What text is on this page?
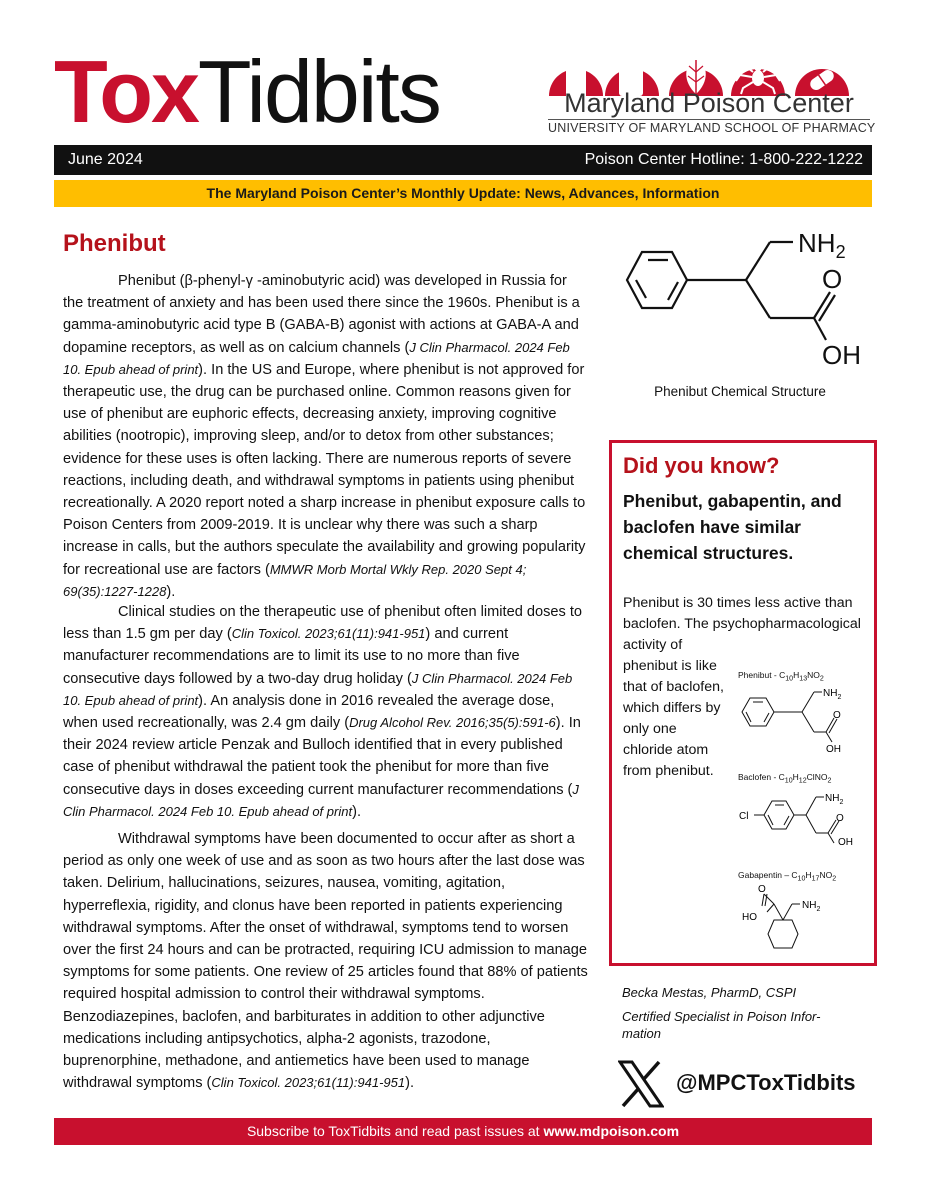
ToxTidbits	Maryland Poison Center
UNIVERSITY OF MARYLAND SCHOOL OF PHARMACY
June 2024	Poison Center Hotline: 1-800-222-1222
The Maryland Poison Center’s Monthly Update: News, Advances, Information
Phenibut

Phenibut (β-phenyl-γ -aminobutyric acid) was developed in Russia for the treatment of anxiety and has been used there since the 1960s. Phenibut is a gamma-aminobutyric acid type B (GABA-B) agonist with actions at GABA-A and dopamine receptors, as well as on calcium channels (J Clin Pharmacol. 2024 Feb 10. Epub ahead of print). In the US and Europe, where phenibut is not approved for therapeutic use, the drug can be purchased online. Common reasons given for use of phenibut are euphoric effects, decreasing anxiety, improving cognitive abilities (nootropic), improving sleep, and/or to detox from other substances; evidence for these uses is often lacking. There are numerous reports of severe reactions, including death, and withdrawal symptoms in patients using phenibut recreationally. A 2020 report noted a sharp increase in phenibut exposure calls to Poison Centers from 2009-2019. It is unclear why there was such a sharp increase in calls, but the authors speculate the availability and growing popularity for recreational use are factors (MMWR Morb Mortal Wkly Rep. 2020 Sept 4; 69(35):1227-1228).

Clinical studies on the therapeutic use of phenibut often limited doses to less than 1.5 gm per day (Clin Toxicol. 2023;61(11):941-951) and current manufacturer recommendations are to limit its use to no more than five consecutive days followed by a two-day drug holiday (J Clin Pharmacol. 2024 Feb 10. Epub ahead of print). An analysis done in 2016 revealed the average dose, when used recreationally, was 2.4 gm daily (Drug Alcohol Rev. 2016;35(5):591-6). In their 2024 review article Penzak and Bulloch identified that in every published case of phenibut withdrawal the patient took the phenibut for more than five consecutive days in doses exceeding current manufacturer recommendations (J Clin Pharmacol. 2024 Feb 10. Epub ahead of print).

Withdrawal symptoms have been documented to occur after as short a period as only one week of use and as soon as two hours after the last dose was taken. Delirium, hallucinations, seizures, nausea, vomiting, agitation, hyperreflexia, rigidity, and clonus have been reported in patients experiencing withdrawal symptoms. After the onset of withdrawal, symptoms tend to worsen over the first 24 hours and can be protracted, requiring ICU admission to manage symptoms for some patients. One review of 25 articles found that 88% of patients required hospital admission to control their withdrawal symptoms. Benzodiazepines, baclofen, and barbiturates in addition to other adjunctive medications including antipsychotics, alpha-2 agonists, trazodone, buprenorphine, methadone, and antiemetics have been used to manage withdrawal symptoms (Clin Toxicol. 2023;61(11):941-951).

$NH_2$
O
OH
Phenibut Chemical Structure
Did you know?
Phenibut, gabapentin, and baclofen have similar chemical structures.
Phenibut is 30 times less active than baclofen. The psychopharmacological activity of
phenibut is like that of baclofen, which differs by only one chloride atom from phenibut.
Phenibut - $C_{10}H_{13}NO_2$
$NH_2$
O
OH
Baclofen - $C_{10}H_{12}ClNO_2$
Cl
$NH_2$
O
OH
Gabapentin – $C_{10}H_{17}NO_2$
O
HO
$NH_2$
Becka Mestas, PharmD, CSPI
Certified Specialist in Poison Infor- mation
@MPCToxTidbits
Subscribe to ToxTidbits and read past issues at www.mdpoison.com
